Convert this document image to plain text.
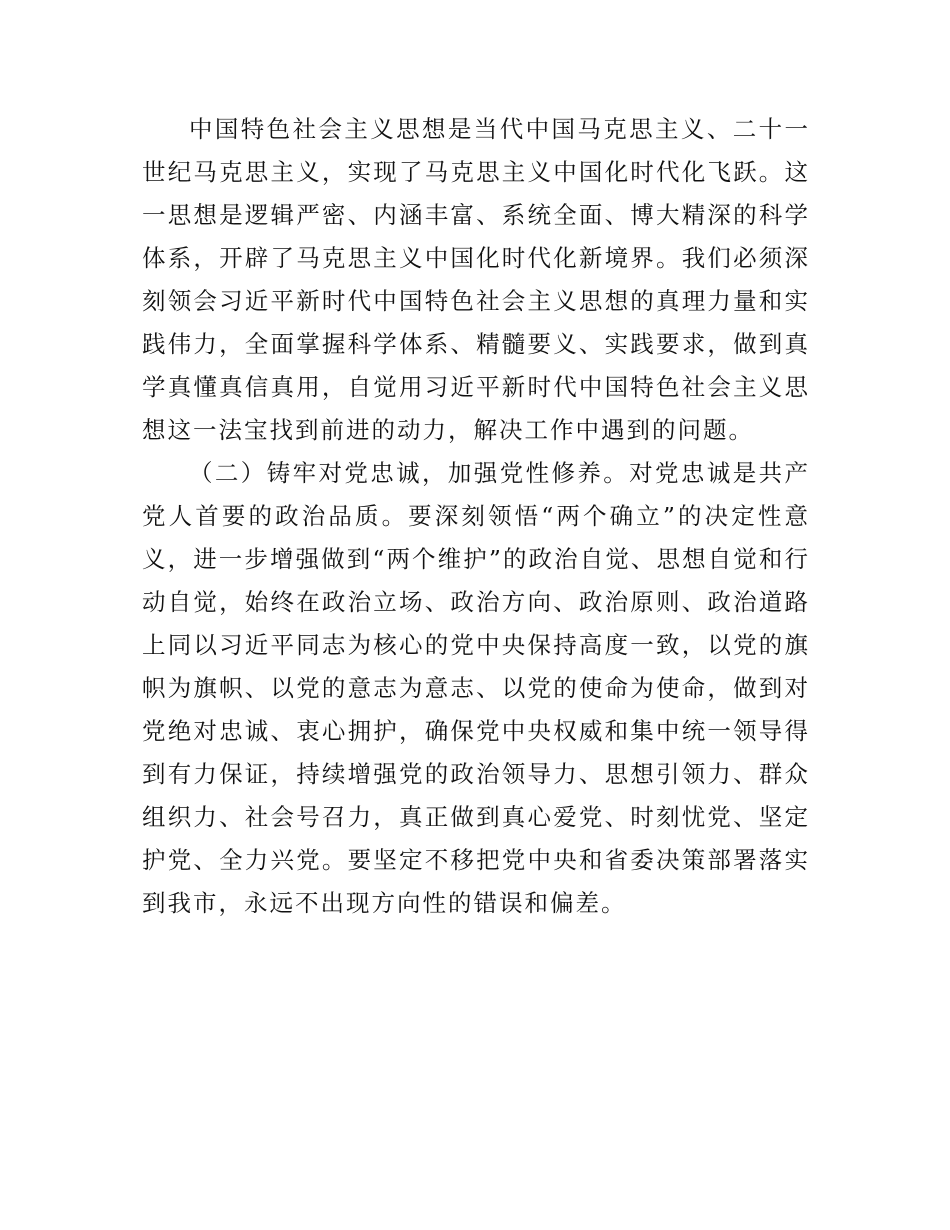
中国特色社会主义思想是当代中国马克思主义、二十一世纪马克思主义，实现了马克思主义中国化时代化飞跃。这一思想是逻辑严密、内涵丰富、系统全面、博大精深的科学体系，开辟了马克思主义中国化时代化新境界。我们必须深刻领会习近平新时代中国特色社会主义思想的真理力量和实践伟力，全面掌握科学体系、精髓要义、实践要求，做到真学真懂真信真用，自觉用习近平新时代中国特色社会主义思想这一法宝找到前进的动力，解决工作中遇到的问题。

（二）铸牢对党忠诚，加强党性修养。对党忠诚是共产党人首要的政治品质。要深刻领悟“两个确立”的决定性意义，进一步增强做到“两个维护”的政治自觉、思想自觉和行动自觉，始终在政治立场、政治方向、政治原则、政治道路上同以习近平同志为核心的党中央保持高度一致，以党的旗帜为旗帜、以党的意志为意志、以党的使命为使命，做到对党绝对忠诚、衷心拥护，确保党中央权威和集中统一领导得到有力保证，持续增强党的政治领导力、思想引领力、群众组织力、社会号召力，真正做到真心爱党、时刻忧党、坚定护党、全力兴党。要坚定不移把党中央和省委决策部署落实到我市，永远不出现方向性的错误和偏差。
